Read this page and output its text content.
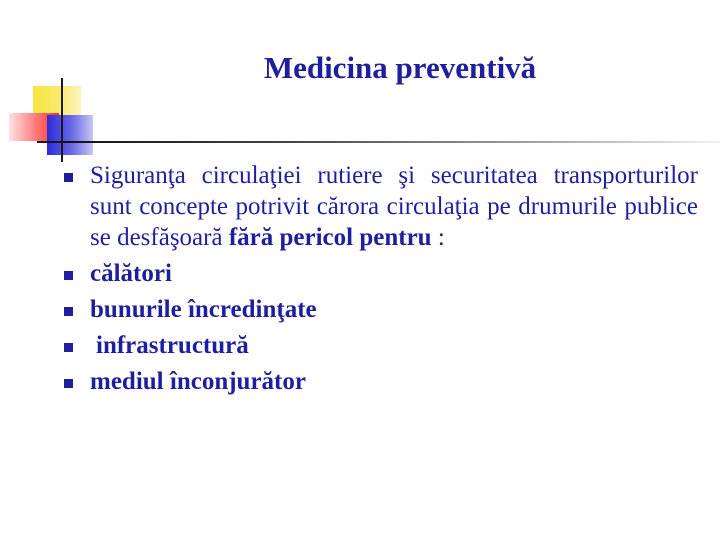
Medicina preventivă
Siguranţa circulaţiei rutiere şi securitatea transporturilor sunt concepte potrivit cărora circulaţia pe drumurile publice se desfăşoară fără pericol pentru :
călători
bunurile încredinţate
infrastructură
mediul înconjurător
